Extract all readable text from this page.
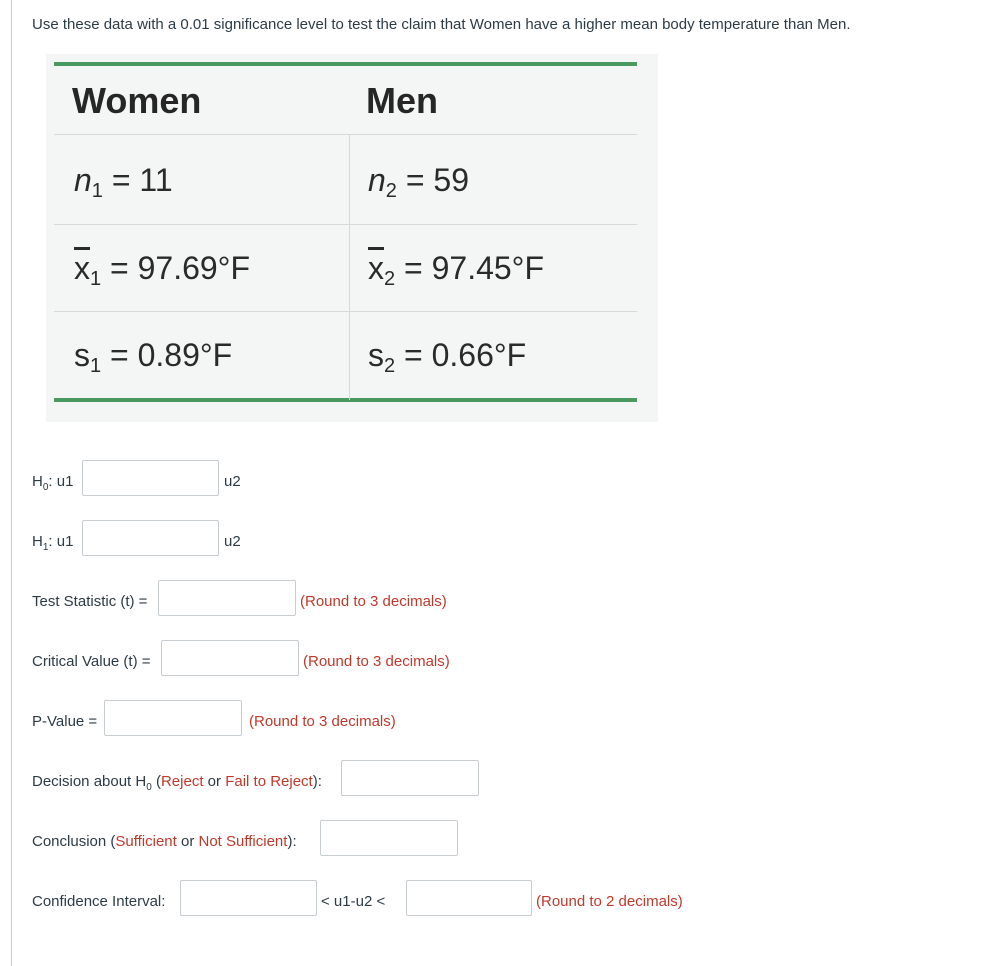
Use these data with a 0.01 significance level to test the claim that Women have a higher mean body temperature than Men.
Women	Men
$n_1 = 11$	$n_2 = 59$
$\overline{x}_1 = 97.69^\circ F$	$\overline{x}_2 = 97.45^\circ F$
$s_1 = 0.89^\circ F$	$s_2 = 0.66^\circ F$
$H_0$: u1	u2
$H_1$: u1	u2
Test Statistic (t) =	(Round to 3 decimals)
Critical Value (t) =	(Round to 3 decimals)
P-Value =	(Round to 3 decimals)
Decision about $H_0$ (Reject or Fail to Reject):
Conclusion (Sufficient or Not Sufficient):
Confidence Interval:	< u1-u2 <	(Round to 2 decimals)
